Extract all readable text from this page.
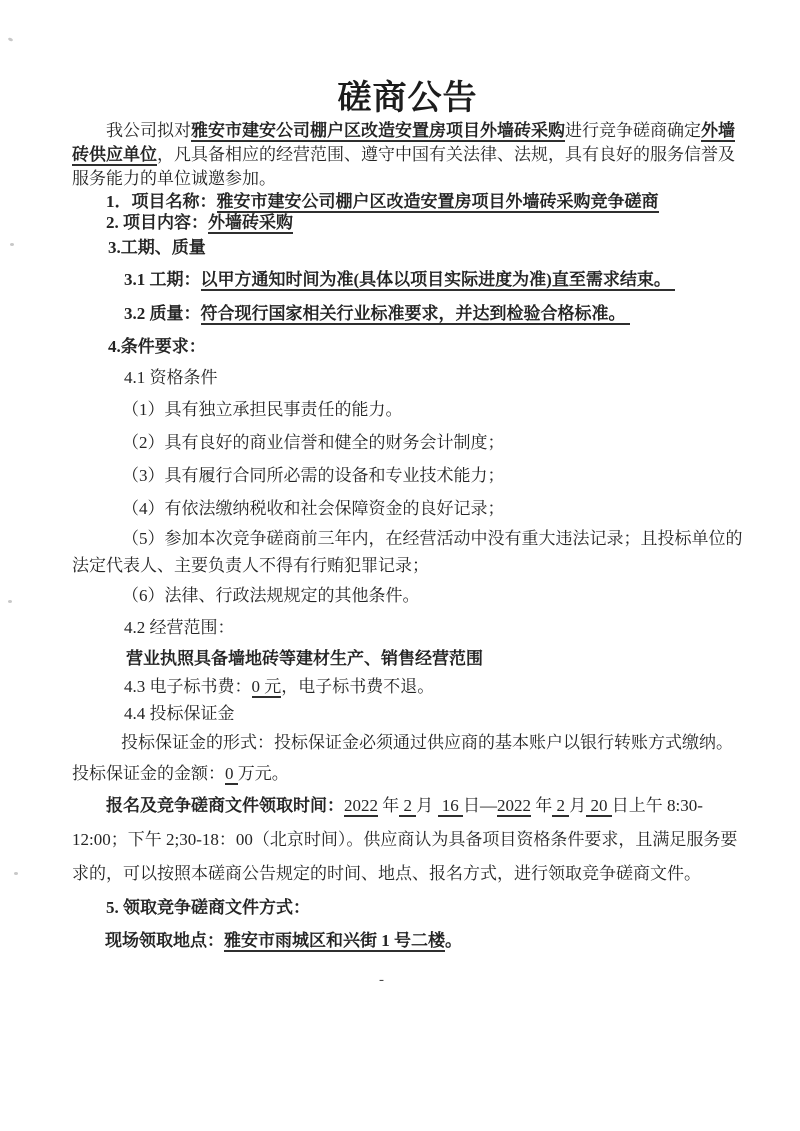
磋商公告

我公司拟对雅安市建安公司棚户区改造安置房项目外墙砖采购进行竞争磋商确定外墙砖供应单位，凡具备相应的经营范围、遵守中国有关法律、法规，具有良好的服务信誉及服务能力的单位诚邀参加。

1．项目名称：雅安市建安公司棚户区改造安置房项目外墙砖采购竞争磋商

2. 项目内容：外墙砖采购

3.工期、质量

3.1 工期：以甲方通知时间为准(具体以项目实际进度为准)直至需求结束。

3.2 质量：符合现行国家相关行业标准要求，并达到检验合格标准。

4.条件要求：

4.1 资格条件

（1）具有独立承担民事责任的能力。

（2）具有良好的商业信誉和健全的财务会计制度；

（3）具有履行合同所必需的设备和专业技术能力；

（4）有依法缴纳税收和社会保障资金的良好记录；

（5）参加本次竞争磋商前三年内，在经营活动中没有重大违法记录；且投标单位的法定代表人、主要负责人不得有行贿犯罪记录；

（6）法律、行政法规规定的其他条件。

4.2 经营范围：

营业执照具备墙地砖等建材生产、销售经营范围

4.3 电子标书费：0 元，电子标书费不退。

4.4 投标保证金

投标保证金的形式：投标保证金必须通过供应商的基本账户以银行转账方式缴纳。投标保证金的金额：0 万元。

报名及竞争磋商文件领取时间：2022 年 2 月  16 日—2022 年 2 月 20 日上午 8:30-12:00；下午 2;30-18：00（北京时间）。供应商认为具备项目资格条件要求，且满足服务要求的，可以按照本磋商公告规定的时间、地点、报名方式，进行领取竞争磋商文件。

5. 领取竞争磋商文件方式：

现场领取地点：雅安市雨城区和兴街 1 号二楼。

-
